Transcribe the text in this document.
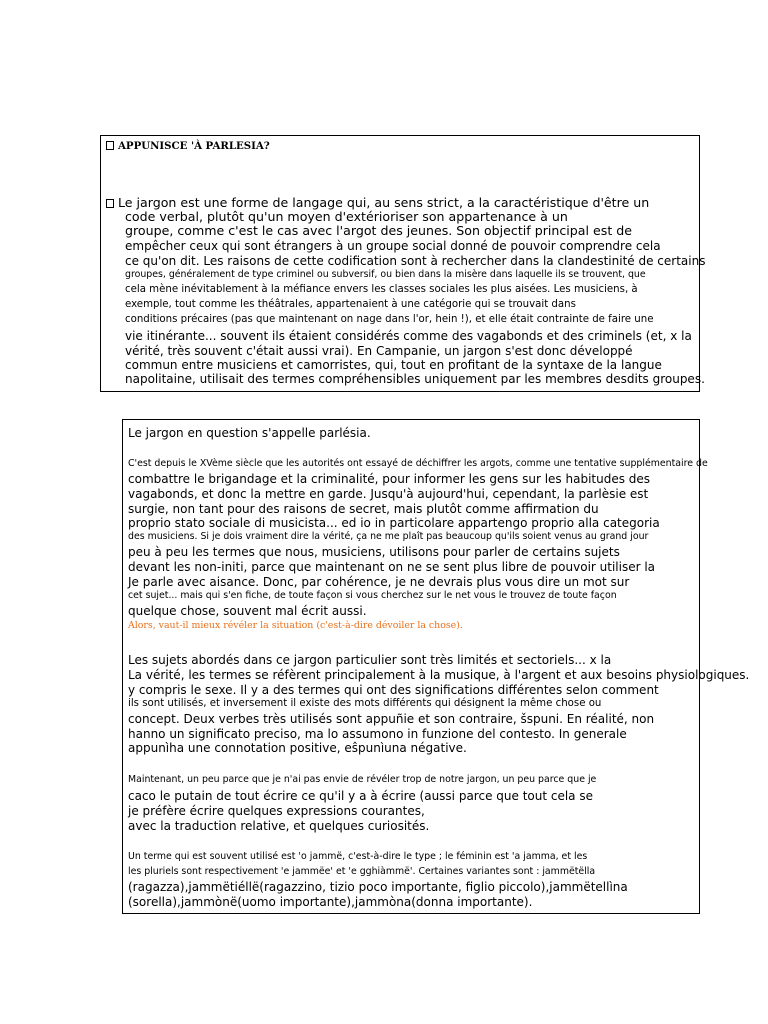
APPUNISCE 'À PARLESIA?
Le jargon est une forme de langage qui, au sens strict, a la caractéristique d'être un
code verbal, plutôt qu'un moyen d'extérioriser son appartenance à un
groupe, comme c'est le cas avec l'argot des jeunes. Son objectif principal est de
empêcher ceux qui sont étrangers à un groupe social donné de pouvoir comprendre cela
ce qu'on dit. Les raisons de cette codification sont à rechercher dans la clandestinité de certains
groupes, généralement de type criminel ou subversif, ou bien dans la misère dans laquelle ils se trouvent, que
cela mène inévitablement à la méfiance envers les classes sociales les plus aisées. Les musiciens, à
exemple, tout comme les théâtrales, appartenaient à une catégorie qui se trouvait dans
conditions précaires (pas que maintenant on nage dans l'or, hein !), et elle était contrainte de faire une
vie itinérante... souvent ils étaient considérés comme des vagabonds et des criminels (et, x la
vérité, très souvent c'était aussi vrai). En Campanie, un jargon s'est donc développé
commun entre musiciens et camorristes, qui, tout en profitant de la syntaxe de la langue
napolitaine, utilisait des termes compréhensibles uniquement par les membres desdits groupes.
Le jargon en question s'appelle parlésia.
C'est depuis le XVème siècle que les autorités ont essayé de déchiffrer les argots, comme une tentative supplémentaire de
combattre le brigandage et la criminalité, pour informer les gens sur les habitudes des
vagabonds, et donc la mettre en garde. Jusqu'à aujourd'hui, cependant, la parlèsie est
surgie, non tant pour des raisons de secret, mais plutôt comme affirmation du
proprio stato sociale di musicista... ed io in particolare appartengo proprio alla categoria
des musiciens. Si je dois vraiment dire la vérité, ça ne me plaît pas beaucoup qu'ils soient venus au grand jour
peu à peu les termes que nous, musiciens, utilisons pour parler de certains sujets
devant les non-initi, parce que maintenant on ne se sent plus libre de pouvoir utiliser la
Je parle avec aisance. Donc, par cohérence, je ne devrais plus vous dire un mot sur
cet sujet... mais qui s'en fiche, de toute façon si vous cherchez sur le net vous le trouvez de toute façon
quelque chose, souvent mal écrit aussi.
Alors, vaut-il mieux révéler la situation (c'est-à-dire dévoiler la chose).
Les sujets abordés dans ce jargon particulier sont très limités et sectoriels... x la
La vérité, les termes se réfèrent principalement à la musique, à l'argent et aux besoins physiologiques.
y compris le sexe. Il y a des termes qui ont des significations différentes selon comment
ils sont utilisés, et inversement il existe des mots différents qui désignent la même chose ou
concept. Deux verbes très utilisés sont appuñie et son contraire, šspuni. En réalité, non
hanno un significato preciso, ma lo assumono in funzione del contesto. In generale
appunìha une connotation positive, eŝpunìuna négative.
Maintenant, un peu parce que je n'ai pas envie de révéler trop de notre jargon, un peu parce que je
caco le putain de tout écrire ce qu'il y a à écrire (aussi parce que tout cela se
je préfère écrire quelques expressions courantes,
avec la traduction relative, et quelques curiosités.
Un terme qui est souvent utilisé est 'o jammë, c'est-à-dire le type ; le féminin est 'a jamma, et les
les pluriels sont respectivement 'e jammëe' et 'e gghiàmmë'. Certaines variantes sont : jammëtëlla
(ragazza),jammëtiéllë(ragazzino, tizio poco importante, figlio piccolo),jammëtellìna
(sorella),jammònë(uomo importante),jammòna(donna importante).
